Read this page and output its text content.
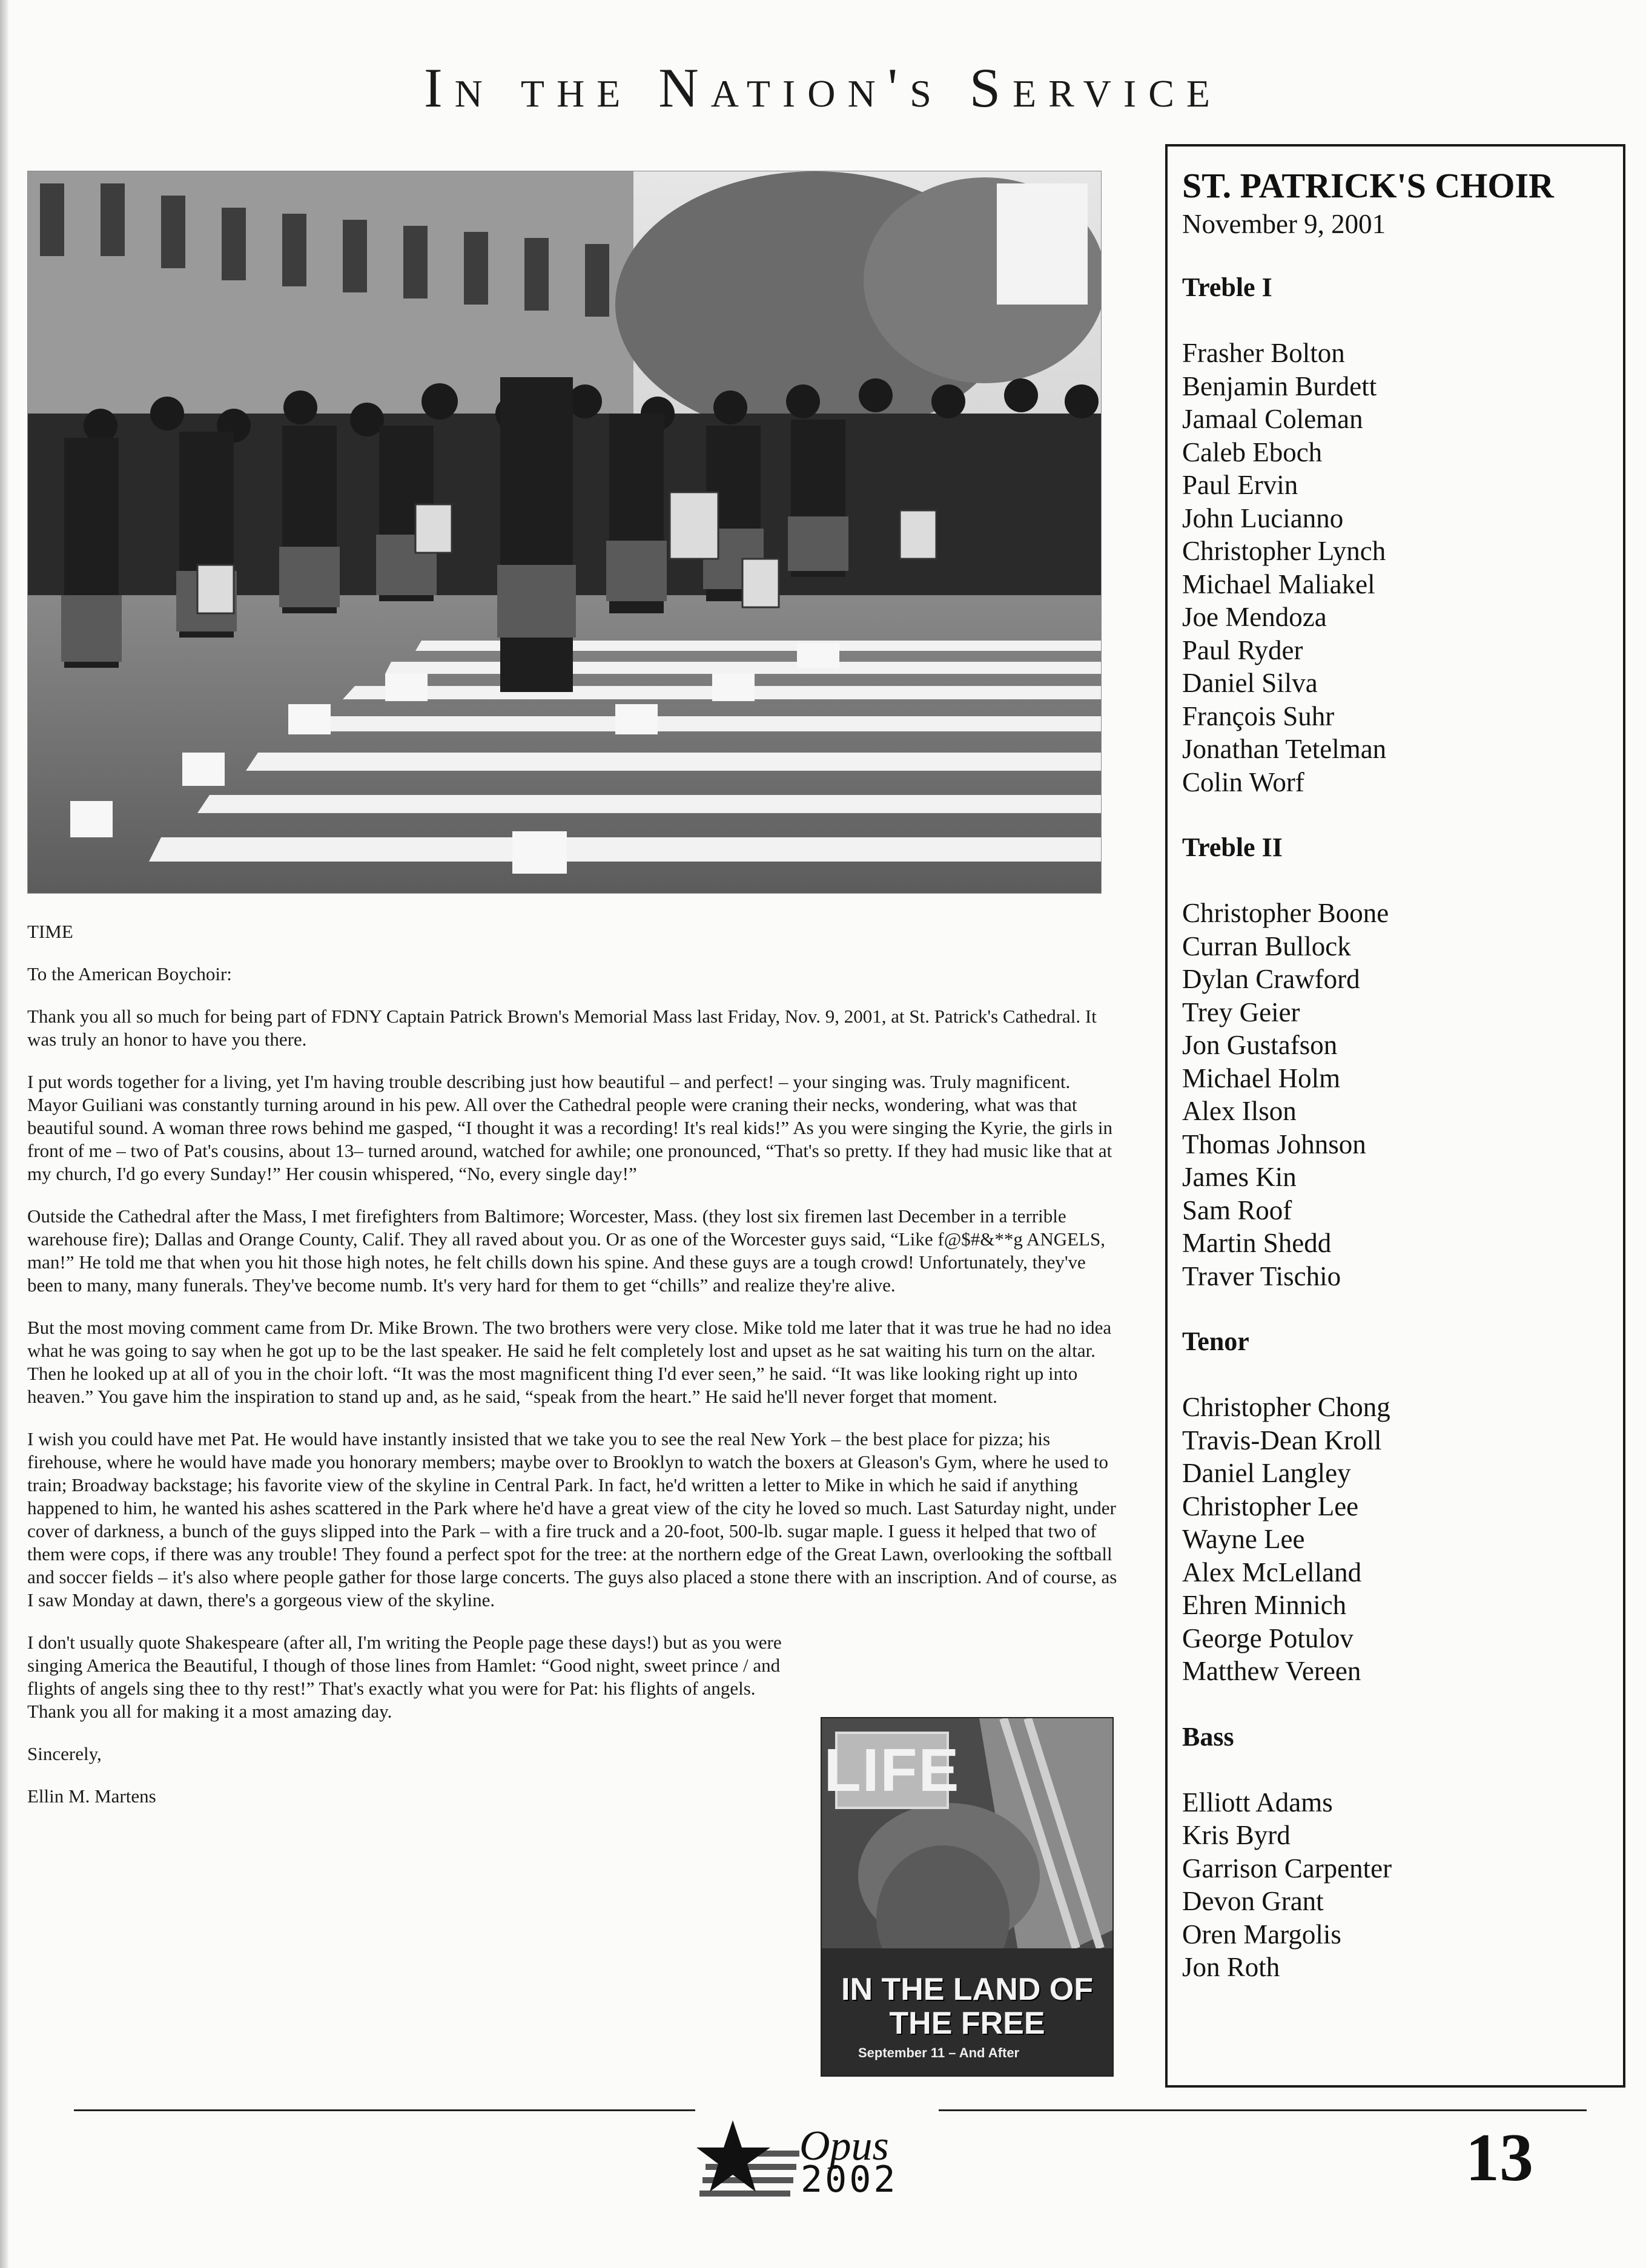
In the Nation's Service

TIME

To the American Boychoir:

Thank you all so much for being part of FDNY Captain Patrick Brown's Memorial Mass last Friday, Nov. 9, 2001, at St. Patrick's Cathedral. It was truly an honor to have you there.

I put words together for a living, yet I'm having trouble describing just how beautiful – and perfect! – your singing was. Truly magnificent. Mayor Guiliani was constantly turning around in his pew. All over the Cathedral people were craning their necks, wondering, what was that beautiful sound. A woman three rows behind me gasped, “I thought it was a recording! It's real kids!” As you were singing the Kyrie, the girls in front of me – two of Pat's cousins, about 13– turned around, watched for awhile; one pronounced, “That's so pretty. If they had music like that at my church, I'd go every Sunday!” Her cousin whispered, “No, every single day!”

Outside the Cathedral after the Mass, I met firefighters from Baltimore; Worcester, Mass. (they lost six firemen last December in a terrible warehouse fire); Dallas and Orange County, Calif. They all raved about you. Or as one of the Worcester guys said, “Like f@$#&**g ANGELS, man!” He told me that when you hit those high notes, he felt chills down his spine. And these guys are a tough crowd! Unfortunately, they've been to many, many funerals. They've become numb. It's very hard for them to get “chills” and realize they're alive.

But the most moving comment came from Dr. Mike Brown. The two brothers were very close. Mike told me later that it was true he had no idea what he was going to say when he got up to be the last speaker. He said he felt completely lost and upset as he sat waiting his turn on the altar. Then he looked up at all of you in the choir loft. “It was the most magnificent thing I'd ever seen,” he said. “It was like looking right up into heaven.” You gave him the inspiration to stand up and, as he said, “speak from the heart.” He said he'll never forget that moment.

I wish you could have met Pat. He would have instantly insisted that we take you to see the real New York – the best place for pizza; his firehouse, where he would have made you honorary members; maybe over to Brooklyn to watch the boxers at Gleason's Gym, where he used to train; Broadway backstage; his favorite view of the skyline in Central Park. In fact, he'd written a letter to Mike in which he said if anything happened to him, he wanted his ashes scattered in the Park where he'd have a great view of the city he loved so much. Last Saturday night, under cover of darkness, a bunch of the guys slipped into the Park – with a fire truck and a 20-foot, 500-lb. sugar maple. I guess it helped that two of them were cops, if there was any trouble! They found a perfect spot for the tree: at the northern edge of the Great Lawn, overlooking the softball and soccer fields – it's also where people gather for those large concerts. The guys also placed a stone there with an inscription. And of course, as I saw Monday at dawn, there's a gorgeous view of the skyline.

I don't usually quote Shakespeare (after all, I'm writing the People page these days!) but as you were singing America the Beautiful, I though of those lines from Hamlet: “Good night, sweet prince / and flights of angels sing thee to thy rest!” That's exactly what you were for Pat: his flights of angels. Thank you all for making it a most amazing day.

Sincerely,

Ellin M. Martens	LIFE
IN THE LAND OF
THE FREE
September 11 – And After
ST. PATRICK'S CHOIR
November 9, 2001
Treble I
Frasher Bolton
Benjamin Burdett
Jamaal Coleman
Caleb Eboch
Paul Ervin
John Lucianno
Christopher Lynch
Michael Maliakel
Joe Mendoza
Paul Ryder
Daniel Silva
François Suhr
Jonathan Tetelman
Colin Worf
Treble II
Christopher Boone
Curran Bullock
Dylan Crawford
Trey Geier
Jon Gustafson
Michael Holm
Alex Ilson
Thomas Johnson
James Kin
Sam Roof
Martin Shedd
Traver Tischio
Tenor
Christopher Chong
Travis-Dean Kroll
Daniel Langley
Christopher Lee
Wayne Lee
Alex McLelland
Ehren Minnich
George Potulov
Matthew Vereen
Bass
Elliott Adams
Kris Byrd
Garrison Carpenter
Devon Grant
Oren Margolis
Jon Roth
Opus
2002	13
